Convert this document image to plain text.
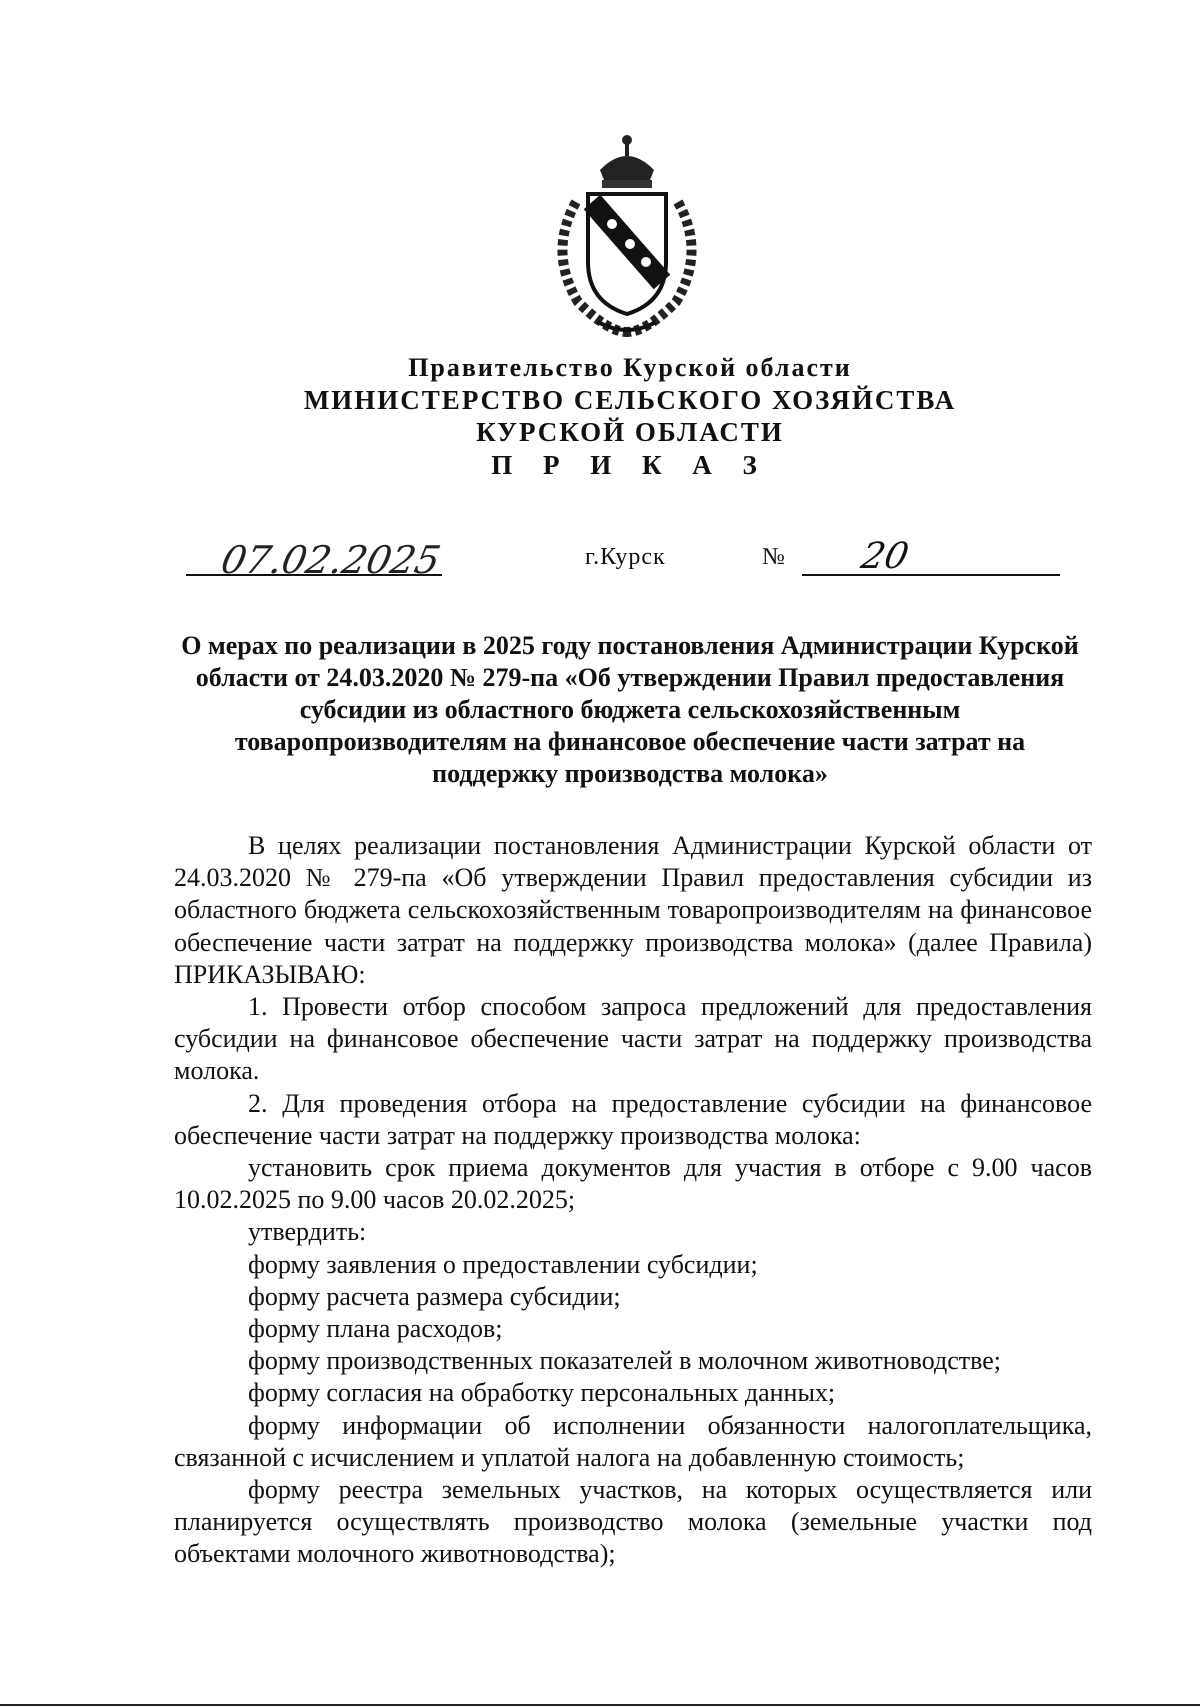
Правительство Курской области
МИНИСТЕРСТВО СЕЛЬСКОГО ХОЗЯЙСТВА
КУРСКОЙ ОБЛАСТИ
П Р И К А З
07.02.2025	г.Курск	№ 20
О мерах по реализации в 2025 году постановления Администрации Курской области от 24.03.2020 № 279-па «Об утверждении Правил предоставления субсидии из областного бюджета сельскохозяйственным товаропроизводителям на финансовое обеспечение части затрат на поддержку производства молока»

В целях реализации постановления Администрации Курской области от 24.03.2020 № 279-па «Об утверждении Правил предоставления субсидии из областного бюджета сельскохозяйственным товаропроизводителям на финансовое обеспечение части затрат на поддержку производства молока» (далее Правила) ПРИКАЗЫВАЮ:

1. Провести отбор способом запроса предложений для предоставления субсидии на финансовое обеспечение части затрат на поддержку производства молока.

2. Для проведения отбора на предоставление субсидии на финансовое обеспечение части затрат на поддержку производства молока:

установить срок приема документов для участия в отборе с 9.00 часов 10.02.2025 по 9.00 часов 20.02.2025;

утвердить:

форму заявления о предоставлении субсидии;

форму расчета размера субсидии;

форму плана расходов;

форму производственных показателей в молочном животноводстве;

форму согласия на обработку персональных данных;

форму информации об исполнении обязанности налогоплательщика, связанной с исчислением и уплатой налога на добавленную стоимость;

форму реестра земельных участков, на которых осуществляется или планируется осуществлять производство молока (земельные участки под объектами молочного животноводства);
